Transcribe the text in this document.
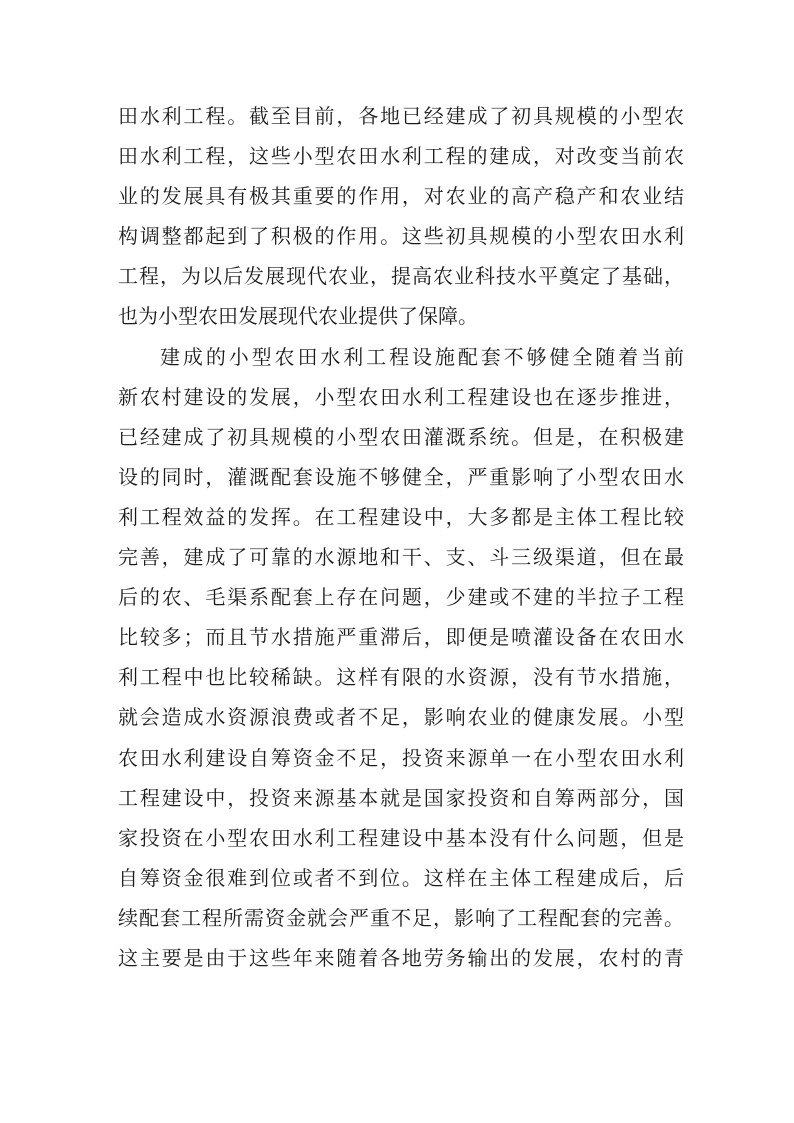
田水利工程。截至目前，各地已经建成了初具规模的小型农
田水利工程，这些小型农田水利工程的建成，对改变当前农
业的发展具有极其重要的作用，对农业的高产稳产和农业结
构调整都起到了积极的作用。这些初具规模的小型农田水利
工程，为以后发展现代农业，提高农业科技水平奠定了基础，
也为小型农田发展现代农业提供了保障。
建成的小型农田水利工程设施配套不够健全随着当前
新农村建设的发展，小型农田水利工程建设也在逐步推进，
已经建成了初具规模的小型农田灌溉系统。但是，在积极建
设的同时，灌溉配套设施不够健全，严重影响了小型农田水
利工程效益的发挥。在工程建设中，大多都是主体工程比较
完善，建成了可靠的水源地和干、支、斗三级渠道，但在最
后的农、毛渠系配套上存在问题，少建或不建的半拉子工程
比较多；而且节水措施严重滞后，即便是喷灌设备在农田水
利工程中也比较稀缺。这样有限的水资源，没有节水措施，
就会造成水资源浪费或者不足，影响农业的健康发展。小型
农田水利建设自筹资金不足，投资来源单一在小型农田水利
工程建设中，投资来源基本就是国家投资和自筹两部分，国
家投资在小型农田水利工程建设中基本没有什么问题，但是
自筹资金很难到位或者不到位。这样在主体工程建成后，后
续配套工程所需资金就会严重不足，影响了工程配套的完善。
这主要是由于这些年来随着各地劳务输出的发展，农村的青
